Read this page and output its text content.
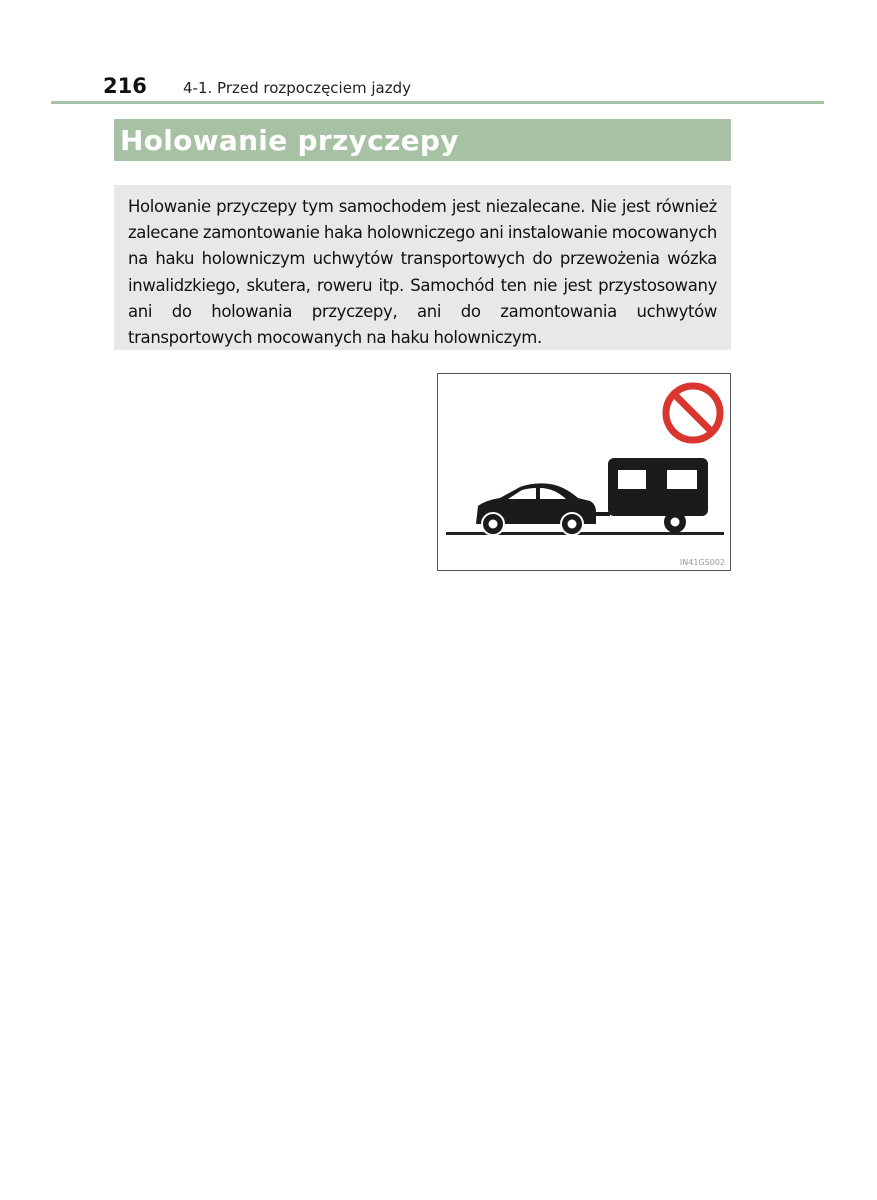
216 4-1. Przed rozpoczęciem jazdy
Holowanie przyczepy

Holowanie przyczepy tym samochodem jest niezalecane. Nie jest również zalecane zamontowanie haka holowniczego ani instalowanie mocowanych na haku holowniczym uchwytów transportowych do przewożenia wózka inwalidzkiego, skutera, roweru itp. Samochód ten nie jest przystosowany ani do holowania przyczepy, ani do zamontowania uchwytów transportowych mocowanych na haku holowniczym.

IN41GS002
